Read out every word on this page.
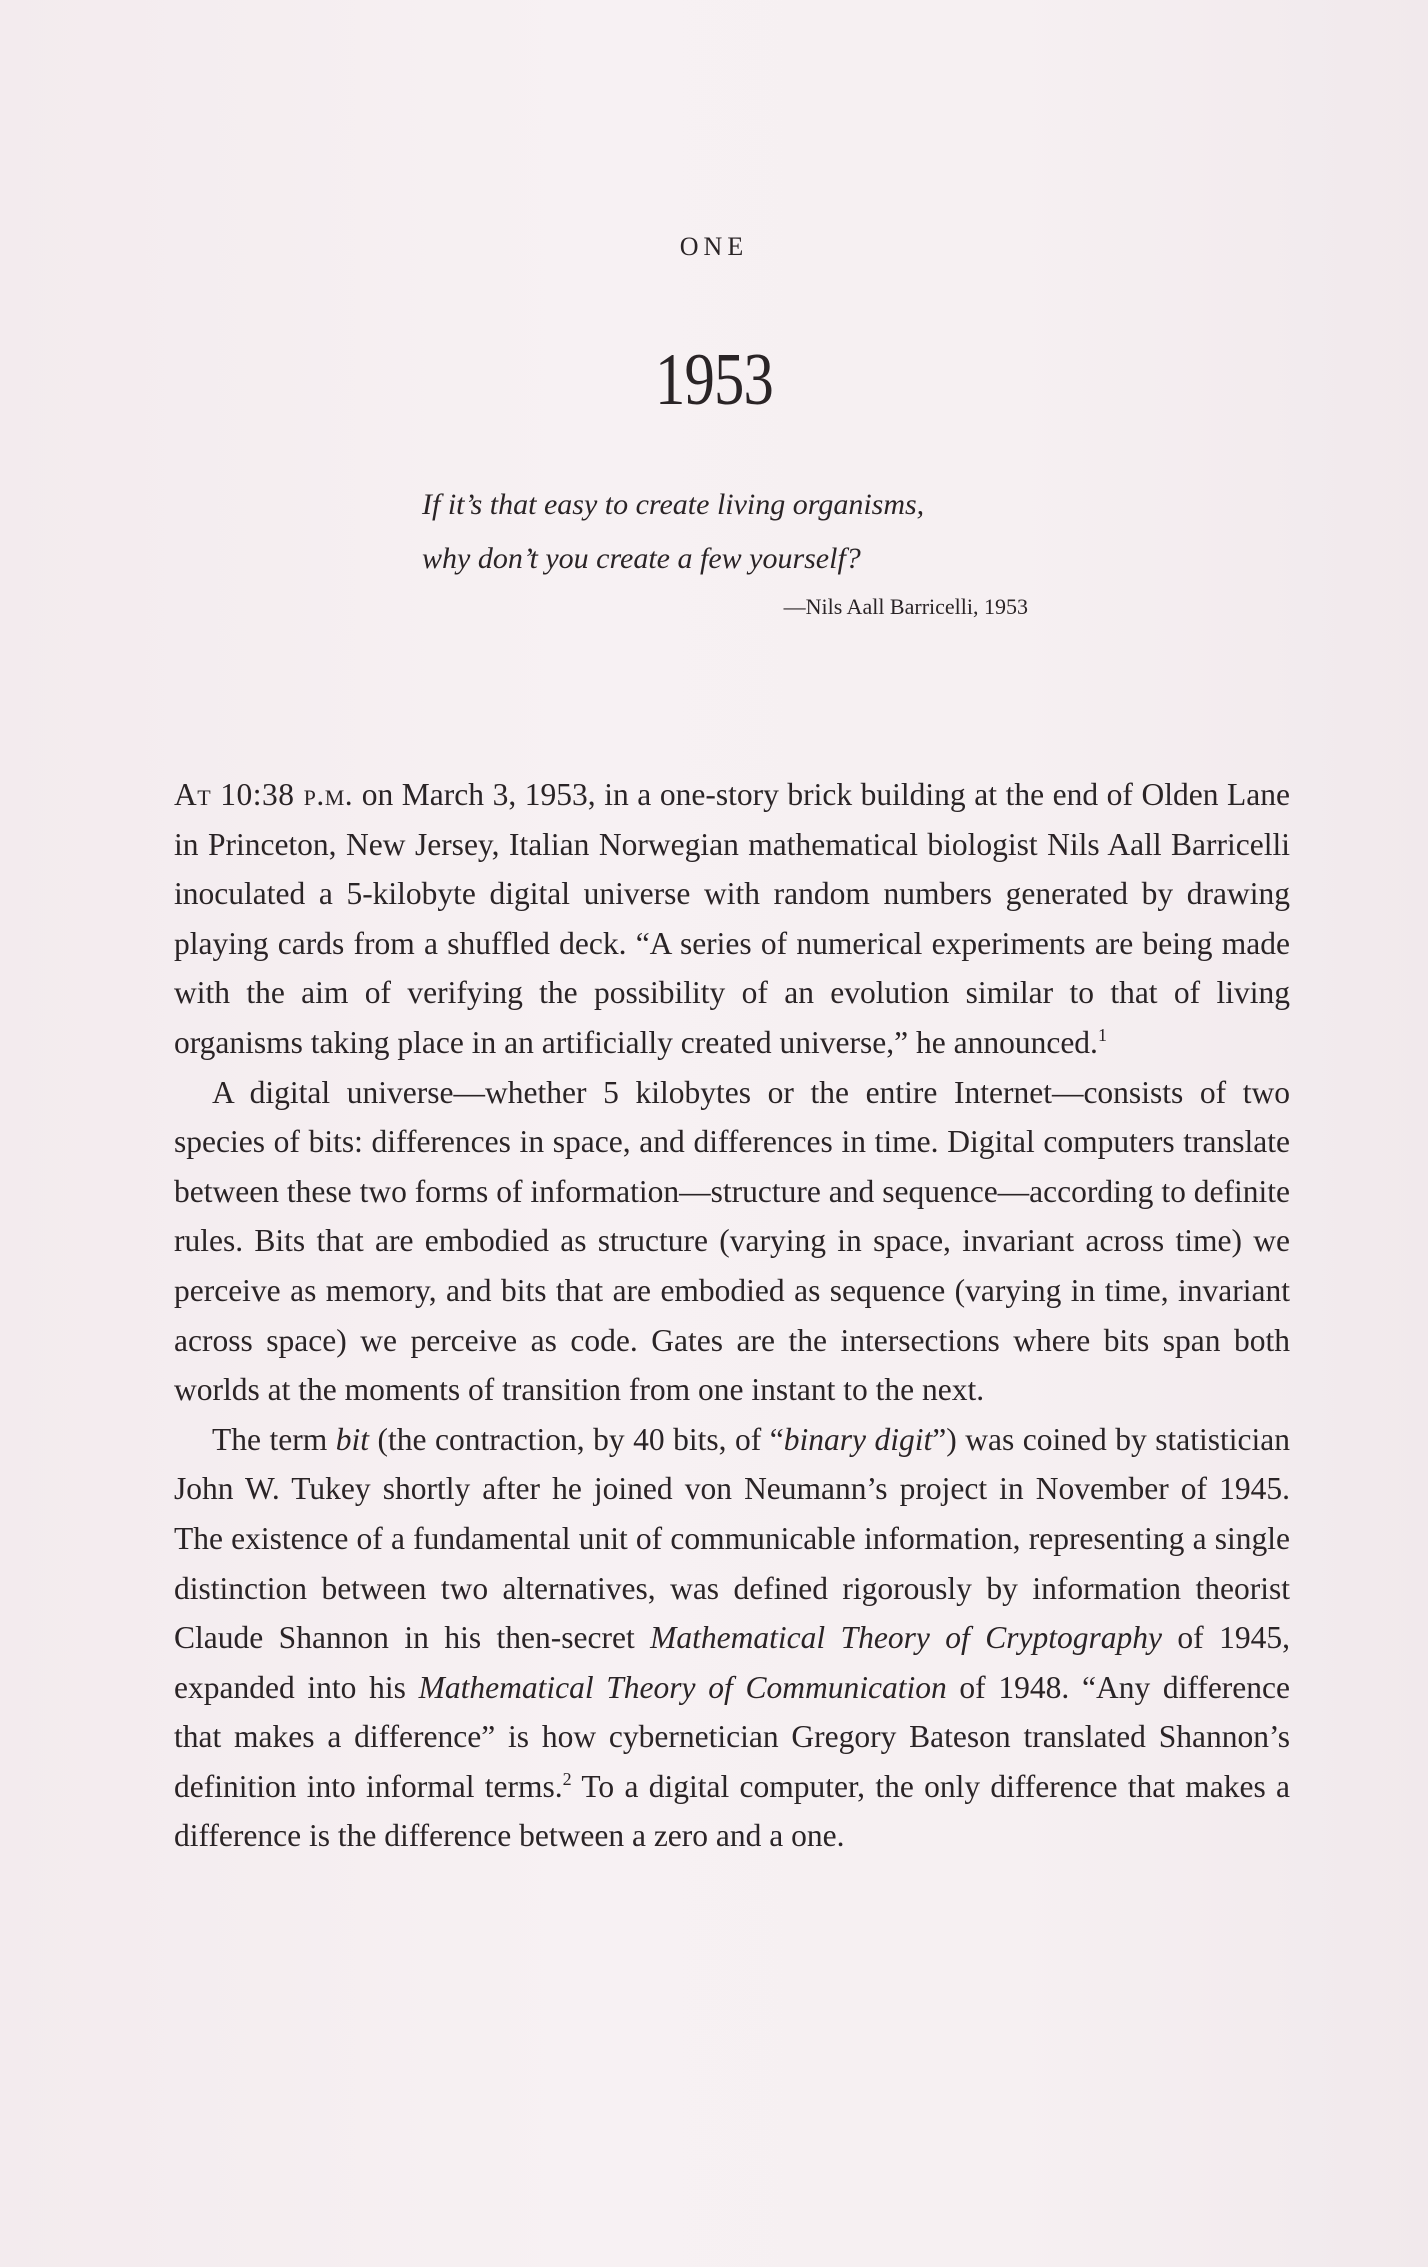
ONE
1953
If it’s that easy to create living organisms,
why don’t you create a few yourself?
—Nils Aall Barricelli, 1953

At 10:38 p.m. on March 3, 1953, in a one-story brick building at the end of Olden Lane in Princeton, New Jersey, Italian Norwegian mathematical biologist Nils Aall Barricelli inoculated a 5-kilobyte digital universe with random numbers generated by drawing playing cards from a shuffled deck. “A series of numerical experiments are being made with the aim of verifying the possibility of an evolution similar to that of living organisms taking place in an artificially created universe,” he announced.$^1$

A digital universe—whether 5 kilobytes or the entire Internet—consists of two species of bits: differences in space, and differences in time. Digital computers translate between these two forms of information—structure and sequence—according to definite rules. Bits that are embodied as structure (varying in space, invariant across time) we perceive as memory, and bits that are embodied as sequence (varying in time, invariant across space) we perceive as code. Gates are the intersections where bits span both worlds at the moments of transition from one instant to the next.

The term bit (the contraction, by 40 bits, of “binary digit”) was coined by statistician John W. Tukey shortly after he joined von Neumann’s project in November of 1945. The existence of a fundamental unit of communicable information, representing a single distinction between two alternatives, was defined rigorously by information theorist Claude Shannon in his then-secret Mathematical Theory of Cryptography of 1945, expanded into his Mathematical Theory of Communication of 1948. “Any difference that makes a difference” is how cybernetician Gregory Bateson translated Shannon’s definition into informal terms.$^2$ To a digital computer, the only difference that makes a difference is the difference between a zero and a one.
